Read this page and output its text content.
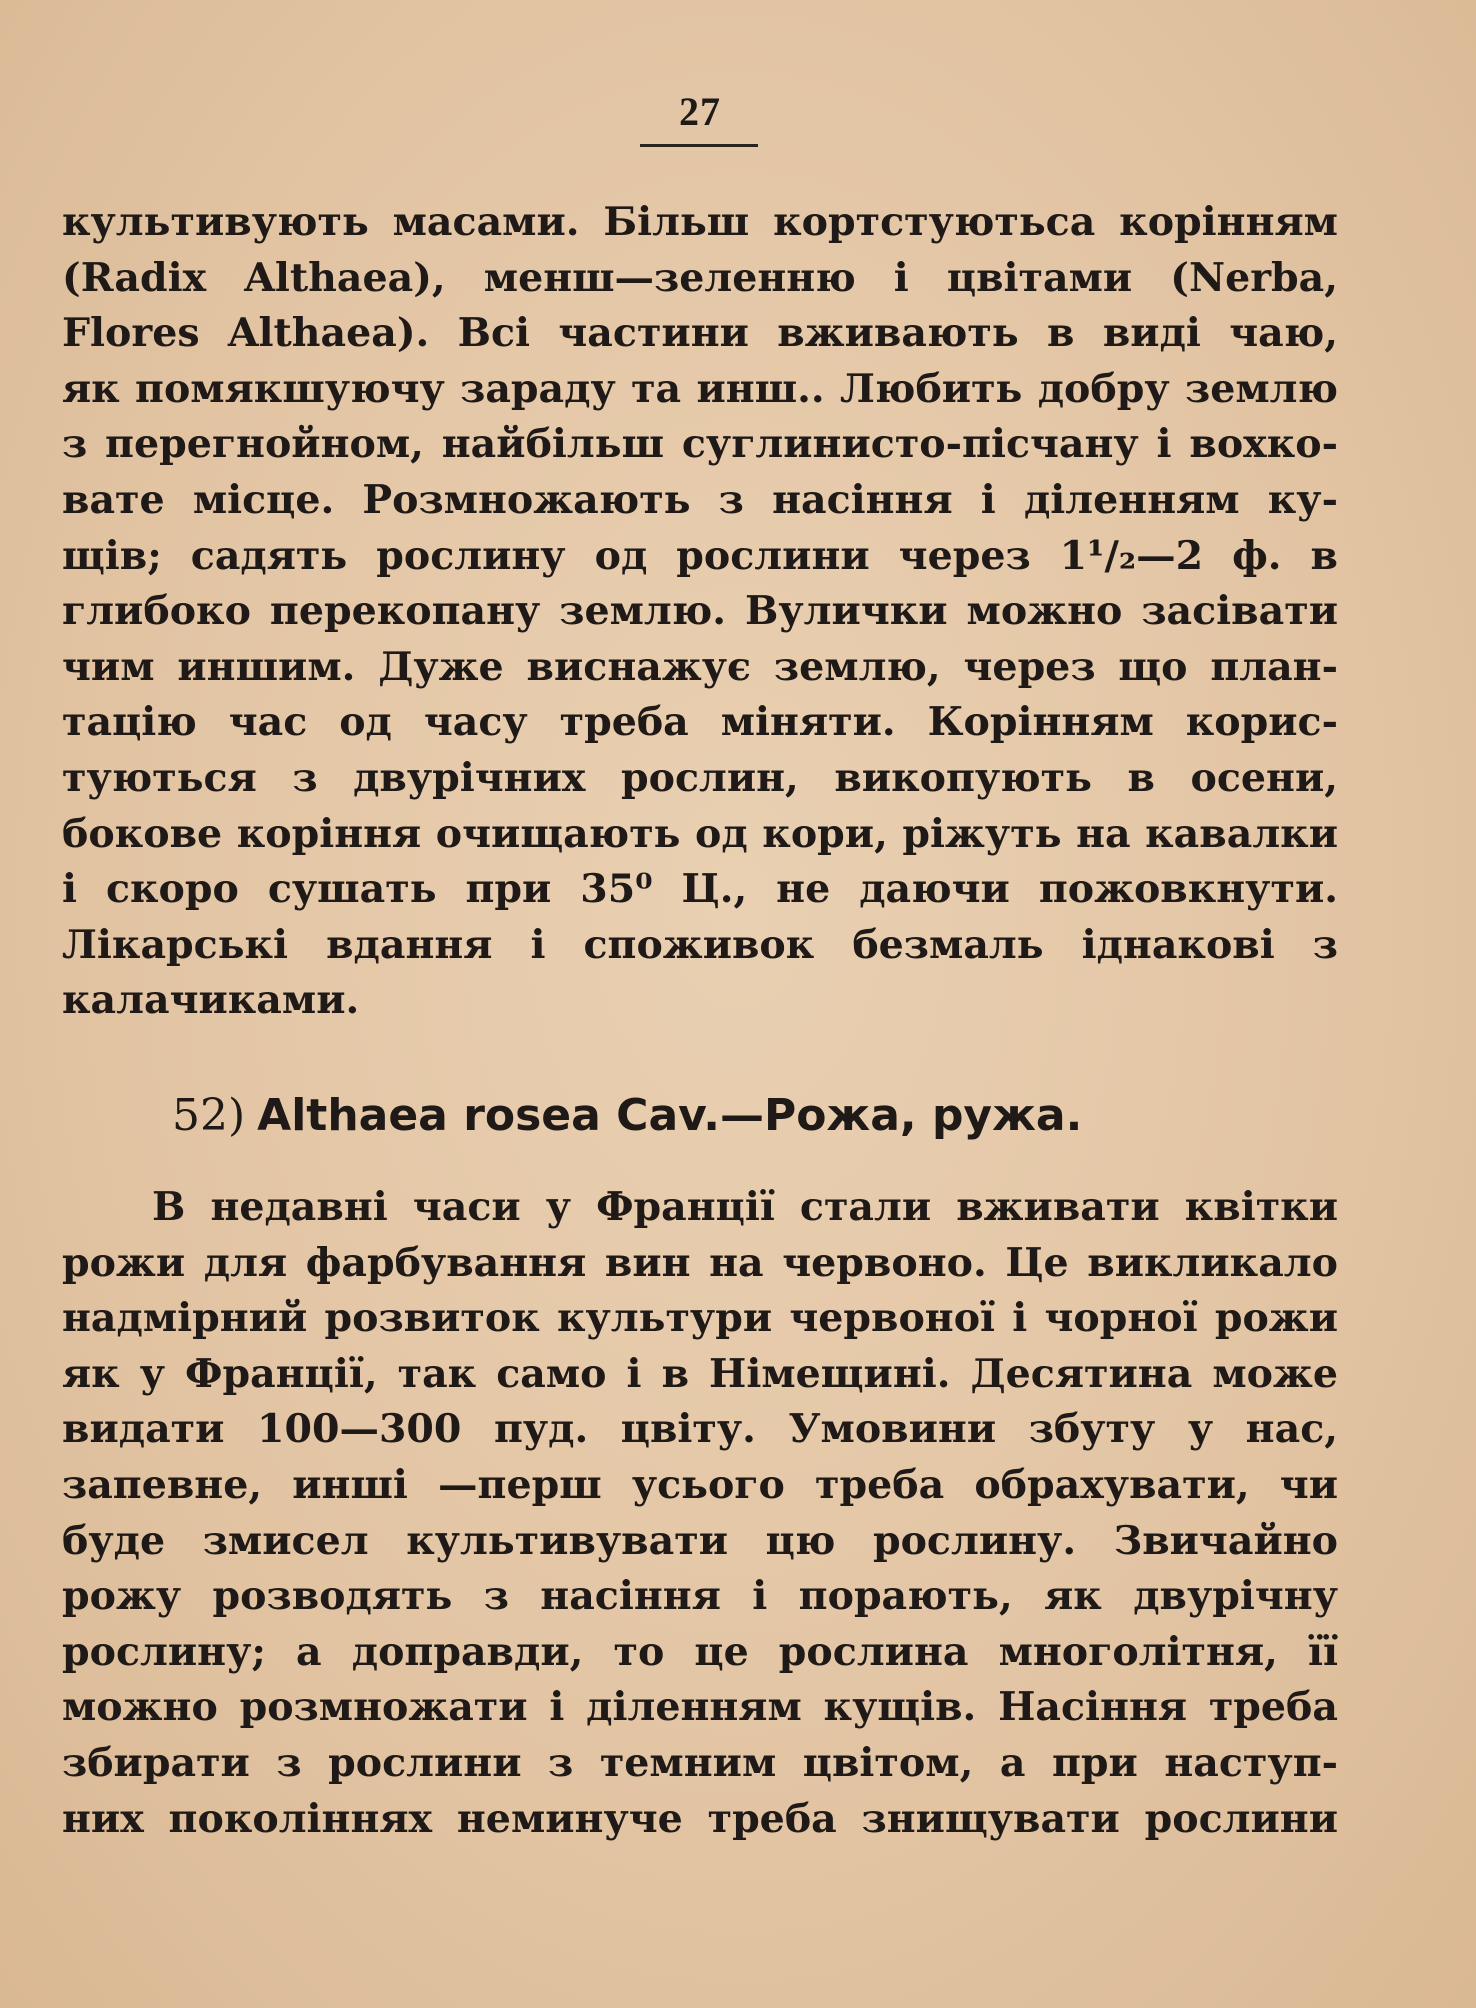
27

культивують масами. Більш кортстуютьса корінням
(Radix Althaea), менш—зеленню і цвітами (Nerba,
Flores Althaea). Всі частини вживають в виді чаю,
як помякшуючу зараду та инш.. Любить добру землю
з перегнойном, найбільш суглинисто-пісчану і вохко-
вате місце. Розмножають з насіння і діленням ку-
щів; садять рослину од рослини через 1¹/₂—2 ф. в
глибоко перекопану землю. Вулички можно засівати
чим иншим. Дуже виснажує землю, через що план-
тацію час од часу треба міняти. Корінням корис-
туються з двурічних рослин, викопують в осени,
бокове коріння очищають од кори, ріжуть на кавалки
і скоро сушать при 35⁰ Ц., не даючи пожовкнути.
Лікарські вдання і споживок безмаль іднакові з
калачиками.

52) Althaea rosea Cav.—Рожа, ружа.

В недавні часи у Франції стали вживати квітки
рожи для фарбування вин на червоно. Це викликало
надмірний розвиток культури червоної і чорної рожи
як у Франції, так само і в Німещині. Десятина може
видати 100—300 пуд. цвіту. Умовини збуту у нас,
запевне, инші —перш усього треба обрахувати, чи
буде змисел культивувати цю рослину. Звичайно
рожу розводять з насіння і порають, як двурічну
рослину; а доправди, то це рослина многолітня, її
можно розмножати і діленням кущів. Насіння треба
збирати з рослини з темним цвітом, а при наступ-
них поколіннях неминуче треба знищувати рослини
